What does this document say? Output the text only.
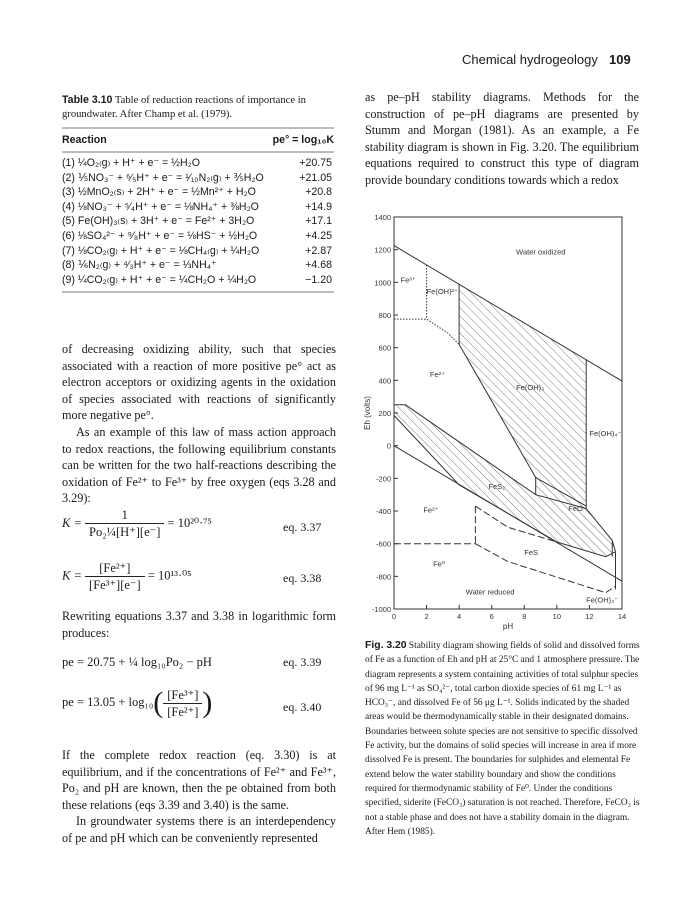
Chemical hydrogeology 109
Table 3.10 Table of reduction reactions of importance in groundwater. After Champ et al. (1979).
Reaction	pe° = log₁₀K
(1) ¼O₂₍g₎ + H⁺ + e⁻ = ½H₂O	+20.75
(2) ⅕NO₃⁻ + ⁶⁄₅H⁺ + e⁻ = ¹⁄₁₀N₂₍g₎ + ⅗H₂O	+21.05
(3) ½MnO₂₍s₎ + 2H⁺ + e⁻ = ½Mn²⁺ + H₂O	+20.8
(4) ⅛NO₃⁻ + ⁵⁄₄H⁺ + e⁻ = ⅛NH₄⁺ + ⅜H₂O	+14.9
(5) Fe(OH)₃₍s₎ + 3H⁺ + e⁻ = Fe²⁺ + 3H₂O	+17.1
(6) ⅛SO₄²⁻ + ⁹⁄₈H⁺ + e⁻ = ⅛HS⁻ + ½H₂O	+4.25
(7) ⅛CO₂₍g₎ + H⁺ + e⁻ = ⅛CH₄₍g₎ + ¼H₂O	+2.87
(8) ⅙N₂₍g₎ + ⁴⁄₃H⁺ + e⁻ = ⅓NH₄⁺	+4.68
(9) ¼CO₂₍g₎ + H⁺ + e⁻ = ¼CH₂O + ¼H₂O	−1.20

of decreasing oxidizing ability, such that species associated with a reaction of more positive pe° act as electron acceptors or oxidizing agents in the oxidation of species associated with reactions of significantly more negative pe°.

As an example of this law of mass action approach to redox reactions, the following equilibrium constants can be written for the two half-reactions describing the oxidation of Fe²⁺ to Fe³⁺ by free oxygen (eqs 3.28 and 3.29):

$K = \frac{1}{\text{Po₂¼[H⁺][e⁻]}} = 10^{20}\cdot^{75}$	eq. 3.37
$K = \frac{\text{[Fe²⁺]}}{\text{[Fe³⁺][e⁻]}} = 10^{13}\cdot^{05}$	eq. 3.38
Rewriting equations 3.37 and 3.38 in logarithmic form produces:
pe = 20.75 + ¼ log₁₀Po₂ − pH	eq. 3.39
pe = $13.05 + \log_{10}( \frac{\text{[Fe³⁺]}}{\text{[Fe²⁺]}}$ )	eq. 3.40

If the complete redox reaction (eq. 3.30) is at equilibrium, and if the concentrations of Fe²⁺ and Fe³⁺, Po₂ and pH are known, then the pe obtained from both these relations (eqs 3.39 and 3.40) is the same.

In groundwater systems there is an interdependency of pe and pH which can be conveniently represented

as pe–pH stability diagrams. Methods for the construction of pe–pH diagrams are presented by Stumm and Morgan (1981). As an example, a Fe stability diagram is shown in Fig. 3.20. The equilibrium equations required to construct this type of diagram provide boundary conditions towards which a redox
0	2	4	6	8	10	12	14
-1000
-800
-600
-400
-200
0
200
400
600
800
1000
1200
1400
pH
Eh (volts)
Water oxidized
Fe³⁺
Fe(OH)²⁺
Fe²⁺
Fe(OH)₃
Fe(OH)₄⁻
FeS₂
Fe²⁺	FeO
FeS
Fe⁰
Water reduced
Fe(OH)₃⁻
Fig. 3.20 Stability diagram showing fields of solid and dissolved forms of Fe as a function of Eh and pH at 25°C and 1 atmosphere pressure. The diagram represents a system containing activities of total sulphur species of 96 mg L⁻¹ as SO₄²⁻, total carbon dioxide species of 61 mg L⁻¹ as HCO₃⁻, and dissolved Fe of 56 μg L⁻¹. Solids indicated by the shaded areas would be thermodynamically stable in their designated domains. Boundaries between solute species are not sensitive to specific dissolved Fe activity, but the domains of solid species will increase in area if more dissolved Fe is present. The boundaries for sulphides and elemental Fe extend below the water stability boundary and show the conditions required for thermodynamic stability of Fe⁰. Under the conditions specified, siderite (FeCO₃) saturation is not reached. Therefore, FeCO₃ is not a stable phase and does not have a stability domain in the diagram. After Hem (1985).
